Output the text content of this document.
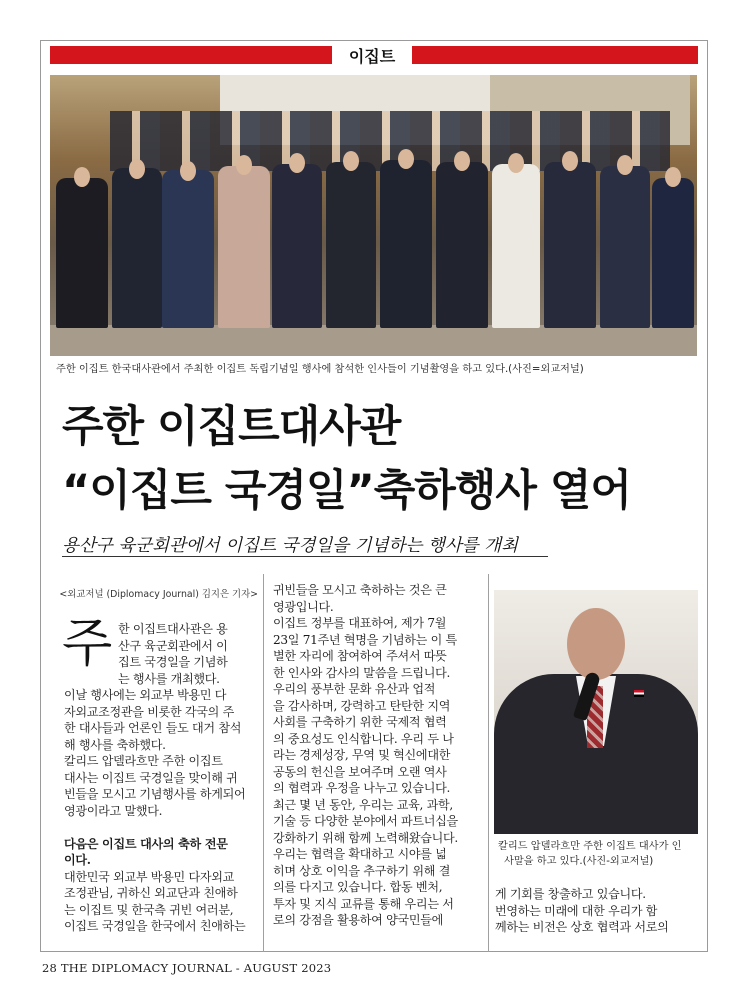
이집트
주한 이집트 한국대사관에서 주최한 이집트 독립기념일 행사에 참석한 인사들이 기념촬영을 하고 있다.(사진=외교저널)
주한 이집트대사관
“이집트 국경일”축하행사 열어
용산구 육군회관에서 이집트 국경일을 기념하는 행사를 개최
<외교저널 (Diplomacy Journal) 김지은 기자>
주 한 이집트대사관은 용

산구 육군회관에서 이

집트 국경일을 기념하

는 행사를 개최했다.

이날 행사에는 외교부 박용민 다

자외교조정관을 비롯한 각국의 주

한 대사들과 언론인 들도 대거 참석

해 행사를 축하했다.

칼리드 압델라흐만 주한 이집트

대사는 이집트 국경일을 맞이해 귀

빈들을 모시고 기념행사를 하게되어

영광이라고 말했다.

다음은 이집트 대사의 축하 전문

이다.

대한민국 외교부 박용민 다자외교

조정관님, 귀하신 외교단과 친애하

는 이집트 및 한국측 귀빈 여러분,

이집트 국경일을 한국에서 친애하는

귀빈들을 모시고 축하하는 것은 큰

영광입니다.

이집트 정부를 대표하여, 제가 7월

23일 71주년 혁명을 기념하는 이 특

별한 자리에 참여하여 주셔서 따뜻

한 인사와 감사의 말씀을 드립니다.

우리의 풍부한 문화 유산과 업적

을 감사하며, 강력하고 탄탄한 지역

사회를 구축하기 위한 국제적 협력

의 중요성도 인식합니다. 우리 두 나

라는 경제성장, 무역 및 혁신에대한

공동의 헌신을 보여주며 오랜 역사

의 협력과 우정을 나누고 있습니다.

최근 몇 년 동안, 우리는 교육, 과학,

기술 등 다양한 분야에서 파트너십을

강화하기 위해 함께 노력해왔습니다.

우리는 협력을 확대하고 시야를 넓

히며 상호 이익을 추구하기 위해 결

의를 다지고 있습니다. 합동 벤처,

투자 및 지식 교류를 통해 우리는 서

로의 강점을 활용하여 양국민들에

칼리드 압델라흐만 주한 이집트 대사가 인

사말을 하고 있다.(사진-외교저널)

게 기회를 창출하고 있습니다.

번영하는 미래에 대한 우리가 함

께하는 비전은 상호 협력과 서로의

28 THE DIPLOMACY JOURNAL - AUGUST 2023
